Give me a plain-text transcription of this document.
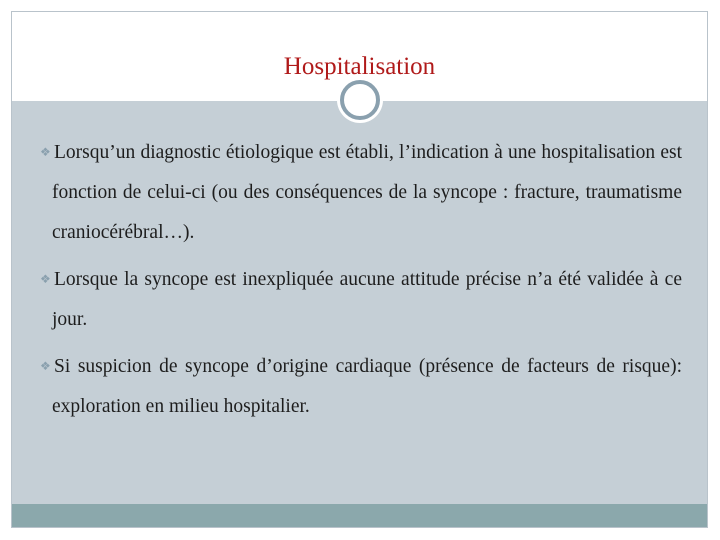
Hospitalisation

❖ Lorsqu’un diagnostic étiologique est établi, l’indication à une hospitalisation est fonction de celui-ci (ou des conséquences de la syncope : fracture, traumatisme craniocérébral…).

❖ Lorsque la syncope est inexpliquée aucune attitude précise n’a été validée à ce jour.

❖ Si suspicion de syncope d’origine cardiaque (présence de facteurs de risque): exploration en milieu hospitalier.
